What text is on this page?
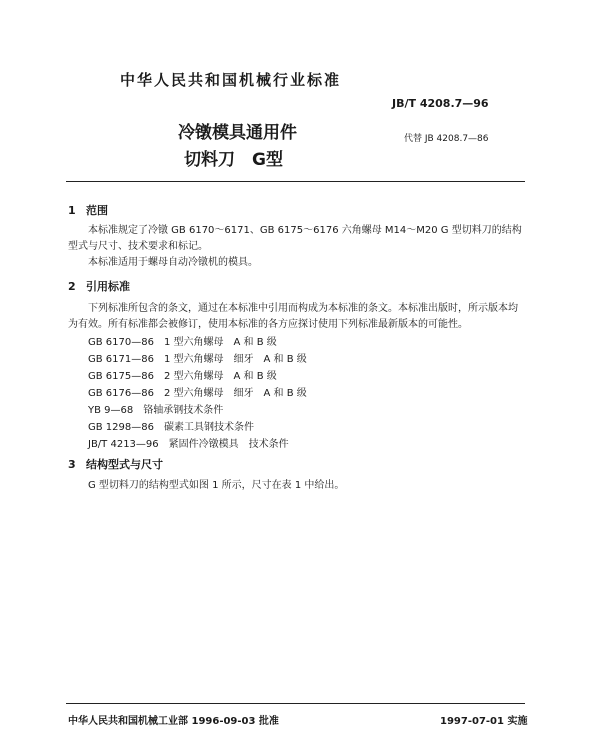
中华人民共和国机械行业标准
JB/T 4208.7—96
冷镦模具通用件
切料刀　G型
代替 JB 4208.7—86
1 范围
本标准规定了冷镦 GB 6170～6171、GB 6175～6176 六角螺母 M14～M20 G 型切料刀的结构型式与尺寸、技术要求和标记。
本标准适用于螺母自动冷镦机的模具。
2 引用标准
下列标准所包含的条文，通过在本标准中引用而构成为本标准的条文。本标准出版时，所示版本均为有效。所有标准都会被修订，使用本标准的各方应探讨使用下列标准最新版本的可能性。
GB 6170—86　1 型六角螺母　A 和 B 级
GB 6171—86　1 型六角螺母　细牙　A 和 B 级
GB 6175—86　2 型六角螺母　A 和 B 级
GB 6176—86　2 型六角螺母　细牙　A 和 B 级
YB 9—68　铬轴承钢技术条件
GB 1298—86　碳素工具钢技术条件
JB/T 4213—96　紧固件冷镦模具　技术条件
3 结构型式与尺寸
G 型切料刀的结构型式如图 1 所示，尺寸在表 1 中给出。
中华人民共和国机械工业部 1996-09-03 批准	1997-07-01 实施
